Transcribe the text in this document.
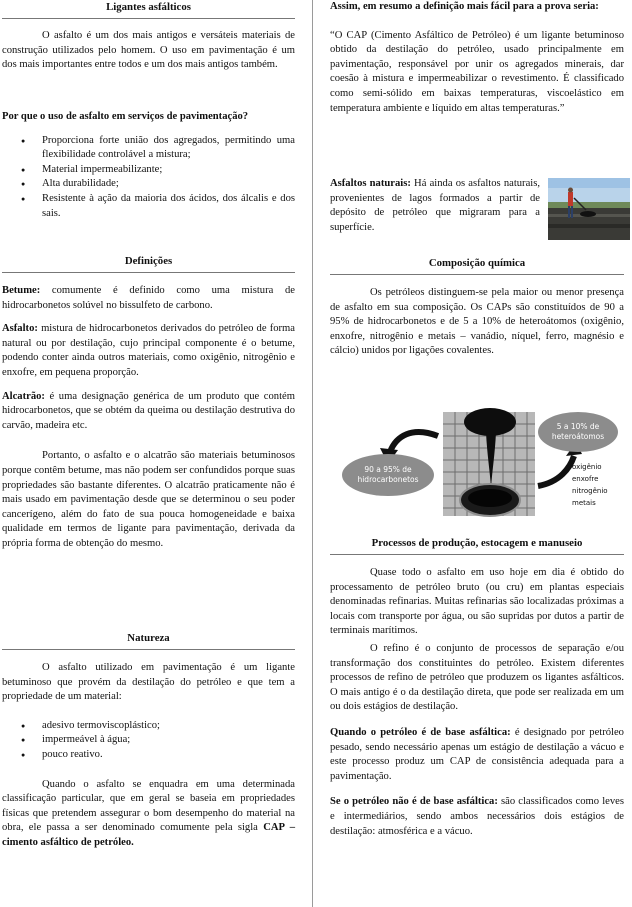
Ligantes asfálticos

O asfalto é um dos mais antigos e versáteis materiais de construção utilizados pelo homem. O uso em pavimentação é um dos mais importantes entre todos e um dos mais antigos também.

Por que o uso de asfalto em serviços de pavimentação?

● Proporciona forte união dos agregados, permitindo uma flexibilidade controlável a mistura;
● Material impermeabilizante;
● Alta durabilidade;
● Resistente à ação da maioria dos ácidos, dos álcalis e dos sais.
Definições

Betume: comumente é definido como uma mistura de hidrocarbonetos solúvel no bissulfeto de carbono.

Asfalto: mistura de hidrocarbonetos derivados do petróleo de forma natural ou por destilação, cujo principal componente é o betume, podendo conter ainda outros materiais, como oxigênio, nitrogênio e enxofre, em pequena proporção.

Alcatrão: é uma designação genérica de um produto que contém hidrocarbonetos, que se obtém da queima ou destilação destrutiva do carvão, madeira etc.

Portanto, o asfalto e o alcatrão são materiais betuminosos porque contêm betume, mas não podem ser confundidos porque suas propriedades são bastante diferentes. O alcatrão praticamente não é mais usado em pavimentação desde que se determinou o seu poder cancerígeno, além do fato de sua pouca homogeneidade e baixa qualidade em termos de ligante para pavimentação, derivada da própria forma de obtenção do mesmo.

Natureza

O asfalto utilizado em pavimentação é um ligante betuminoso que provém da destilação do petróleo e que tem a propriedade de um material:

● adesivo termoviscoplástico;
● impermeável à água;
● pouco reativo.

Quando o asfalto se enquadra em uma determinada classificação particular, que em geral se baseia em propriedades físicas que pretendem assegurar o bom desempenho do material na obra, ele passa a ser denominado comumente pela sigla CAP – cimento asfáltico de petróleo.

Assim, em resumo a definição mais fácil para a prova seria:

“O CAP (Cimento Asfáltico de Petróleo) é um ligante betuminoso obtido da destilação do petróleo, usado principalmente em pavimentação, responsável por unir os agregados minerais, dar coesão à mistura e impermeabilizar o revestimento. É classificado como semi-sólido em baixas temperaturas, viscoelástico em temperatura ambiente e líquido em altas temperaturas.”

Asfaltos naturais: Há ainda os asfaltos naturais, provenientes de lagos formados a partir de depósito de petróleo que migraram para a superfície.

Composição química

Os petróleos distinguem-se pela maior ou menor presença de asfalto em sua composição. Os CAPs são constituídos de 90 a 95% de hidrocarbonetos e de 5 a 10% de heteroátomos (oxigênio, enxofre, nitrogênio e metais – vanádio, níquel, ferro, magnésio e cálcio) unidos por ligações covalentes.

90 a 95% de
hidrocarbonetos
5 a 10% de
heteroátomos
oxigênio
enxofre
nitrogênio
metais
Processos de produção, estocagem e manuseio

Quase todo o asfalto em uso hoje em dia é obtido do processamento de petróleo bruto (ou cru) em plantas especiais denominadas refinarias. Muitas refinarias são localizadas próximas a locais com transporte por água, ou são supridas por dutos a partir de terminais marítimos.

O refino é o conjunto de processos de separação e/ou transformação dos constituintes do petróleo. Existem diferentes processos de refino de petróleo que produzem os ligantes asfálticos. O mais antigo é o da destilação direta, que pode ser realizada em um ou dois estágios de destilação.

Quando o petróleo é de base asfáltica: é designado por petróleo pesado, sendo necessário apenas um estágio de destilação a vácuo e este processo produz um CAP de consistência adequada para a pavimentação.

Se o petróleo não é de base asfáltica: são classificados como leves e intermediários, sendo ambos necessários dois estágios de destilação: atmosférica e a vácuo.
